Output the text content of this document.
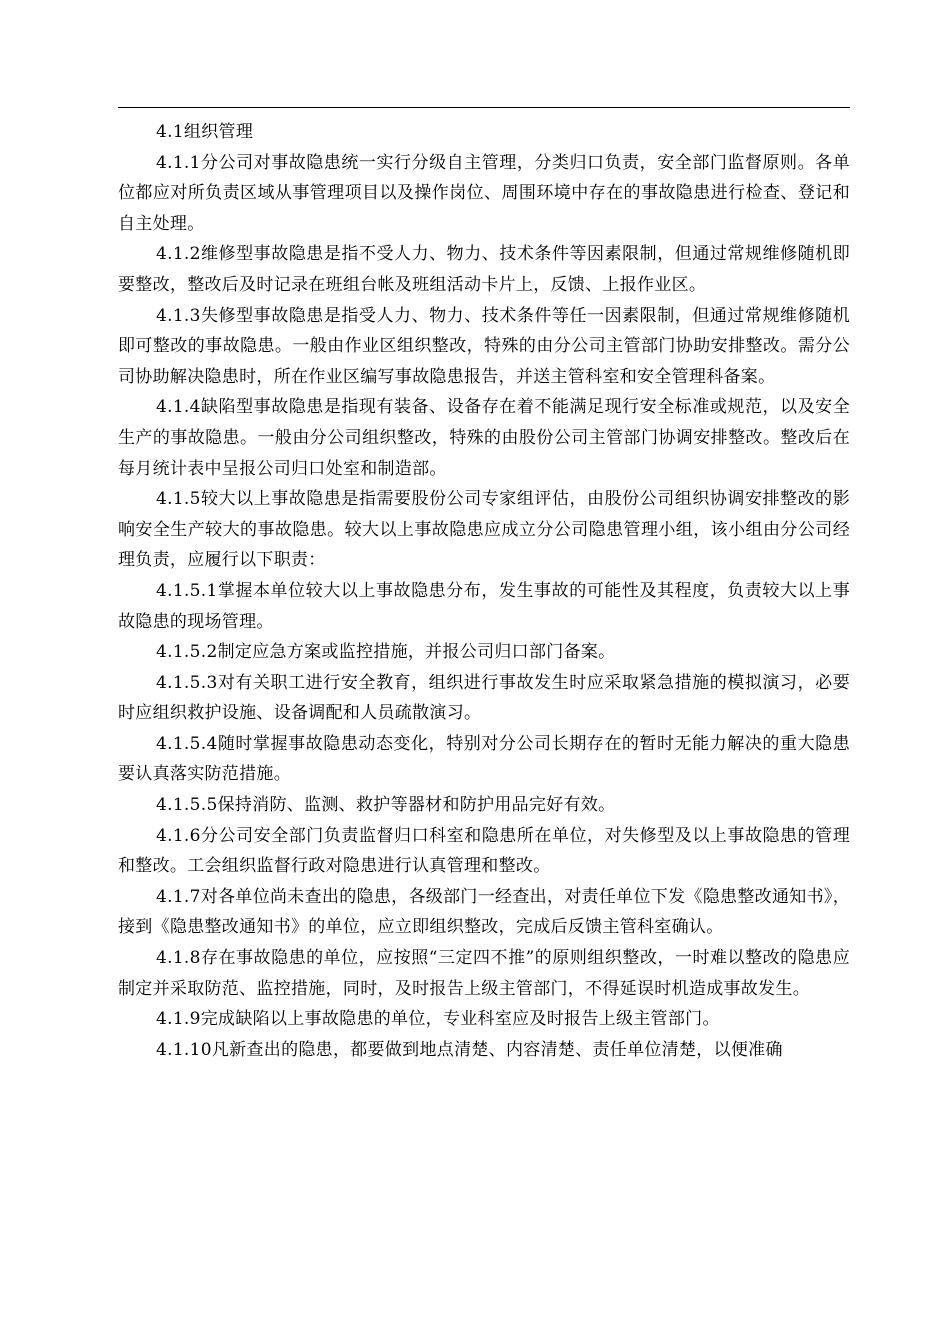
4.1组织管理

4.1.1分公司对事故隐患统一实行分级自主管理，分类归口负责，安全部门监督原则。各单位都应对所负责区域从事管理项目以及操作岗位、周围环境中存在的事故隐患进行检查、登记和自主处理。

4.1.2维修型事故隐患是指不受人力、物力、技术条件等因素限制，但通过常规维修随机即要整改，整改后及时记录在班组台帐及班组活动卡片上，反馈、上报作业区。

4.1.3失修型事故隐患是指受人力、物力、技术条件等任一因素限制，但通过常规维修随机即可整改的事故隐患。一般由作业区组织整改，特殊的由分公司主管部门协助安排整改。需分公司协助解决隐患时，所在作业区编写事故隐患报告，并送主管科室和安全管理科备案。

4.1.4缺陷型事故隐患是指现有装备、设备存在着不能满足现行安全标准或规范，以及安全生产的事故隐患。一般由分公司组织整改，特殊的由股份公司主管部门协调安排整改。整改后在每月统计表中呈报公司归口处室和制造部。

4.1.5较大以上事故隐患是指需要股份公司专家组评估，由股份公司组织协调安排整改的影响安全生产较大的事故隐患。较大以上事故隐患应成立分公司隐患管理小组，该小组由分公司经理负责，应履行以下职责：

4.1.5.1掌握本单位较大以上事故隐患分布，发生事故的可能性及其程度，负责较大以上事故隐患的现场管理。

4.1.5.2制定应急方案或监控措施，并报公司归口部门备案。

4.1.5.3对有关职工进行安全教育，组织进行事故发生时应采取紧急措施的模拟演习，必要时应组织救护设施、设备调配和人员疏散演习。

4.1.5.4随时掌握事故隐患动态变化，特别对分公司长期存在的暂时无能力解决的重大隐患要认真落实防范措施。

4.1.5.5保持消防、监测、救护等器材和防护用品完好有效。

4.1.6分公司安全部门负责监督归口科室和隐患所在单位，对失修型及以上事故隐患的管理和整改。工会组织监督行政对隐患进行认真管理和整改。

4.1.7对各单位尚未查出的隐患，各级部门一经查出，对责任单位下发《隐患整改通知书》，接到《隐患整改通知书》的单位，应立即组织整改，完成后反馈主管科室确认。

4.1.8存在事故隐患的单位，应按照“三定四不推”的原则组织整改，一时难以整改的隐患应制定并采取防范、监控措施，同时，及时报告上级主管部门，不得延误时机造成事故发生。

4.1.9完成缺陷以上事故隐患的单位，专业科室应及时报告上级主管部门。

4.1.10凡新查出的隐患，都要做到地点清楚、内容清楚、责任单位清楚，以便准确
